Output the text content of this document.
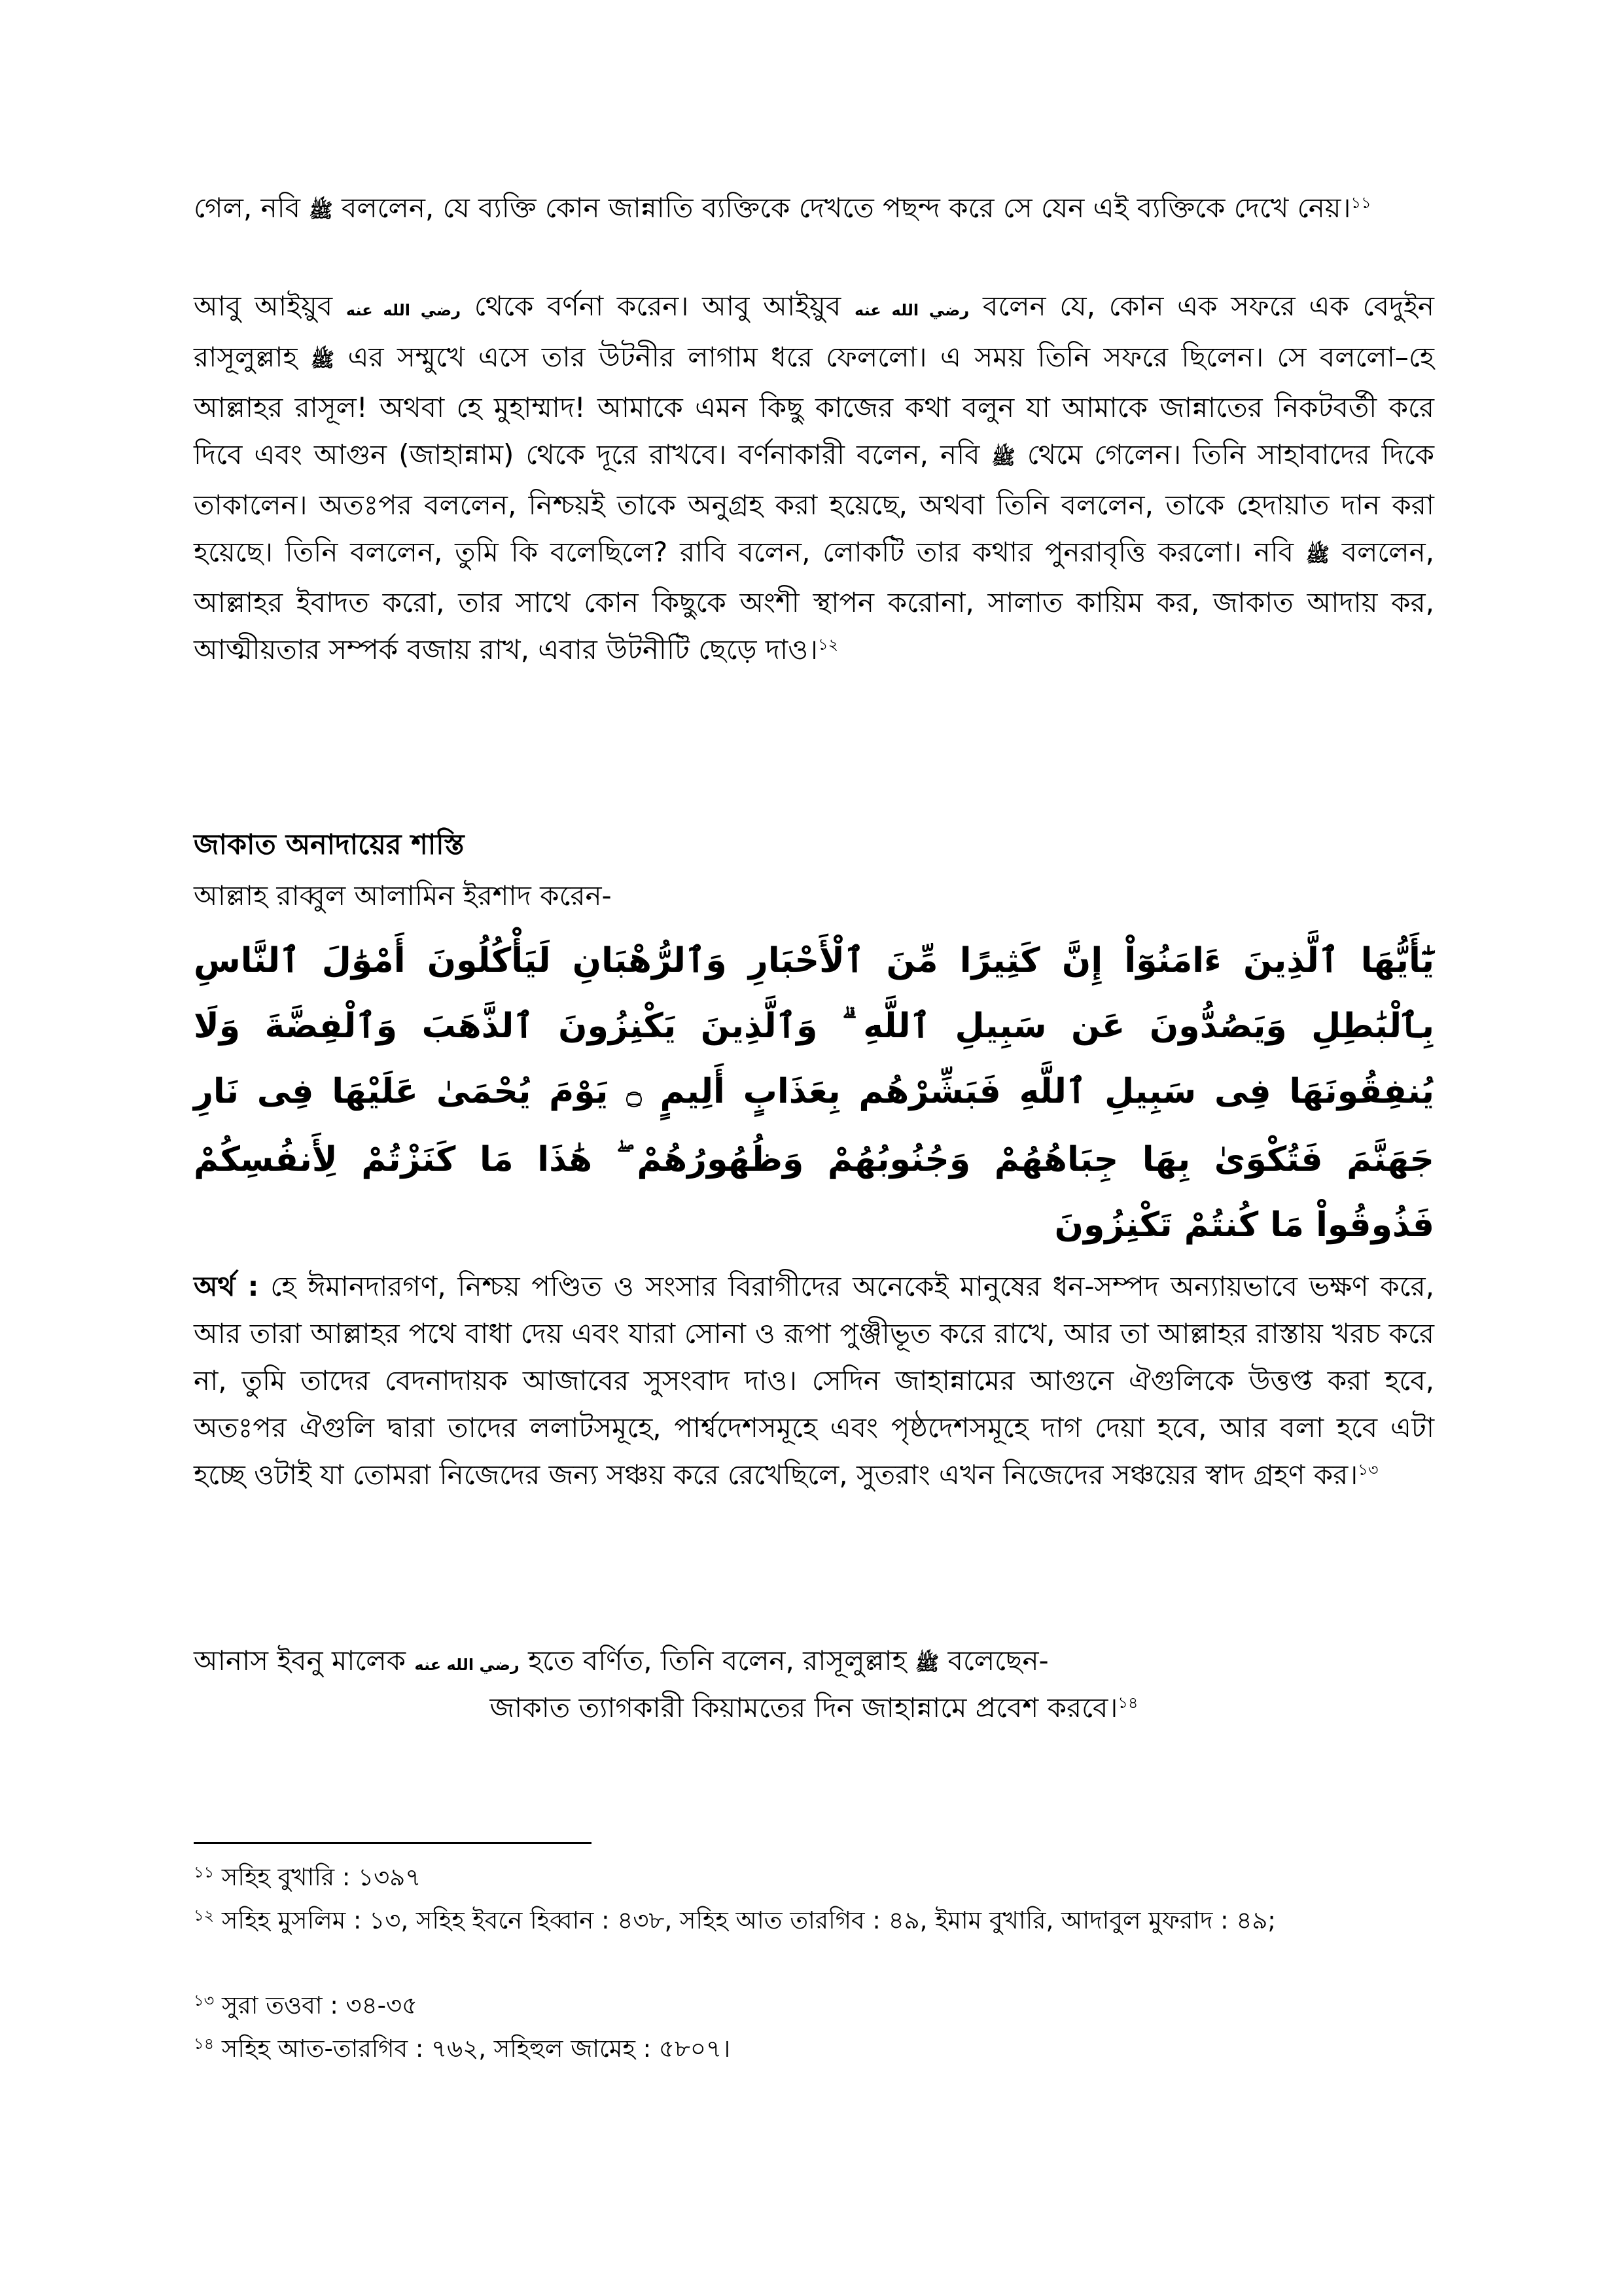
গেল, নবি ﷺ বললেন, যে ব্যক্তি কোন জান্নাতি ব্যক্তিকে দেখতে পছন্দ করে সে যেন এই ব্যক্তিকে দেখে নেয়।$^{১১}$

আবু আইয়ুব رضي الله عنه থেকে বর্ণনা করেন। আবু আইয়ুব رضي الله عنه বলেন যে, কোন এক সফরে এক বেদুইন রাসূলুল্লাহ ﷺ এর সম্মুখে এসে তার উটনীর লাগাম ধরে ফেললো। এ সময় তিনি সফরে ছিলেন। সে বললো–হে আল্লাহর রাসূল! অথবা হে মুহাম্মাদ! আমাকে এমন কিছু কাজের কথা বলুন যা আমাকে জান্নাতের নিকটবর্তী করে দিবে এবং আগুন (জাহান্নাম) থেকে দূরে রাখবে। বর্ণনাকারী বলেন, নবি ﷺ থেমে গেলেন। তিনি সাহাবাদের দিকে তাকালেন। অতঃপর বললেন, নিশ্চয়ই তাকে অনুগ্রহ করা হয়েছে, অথবা তিনি বললেন, তাকে হেদায়াত দান করা হয়েছে। তিনি বললেন, তুমি কি বলেছিলে? রাবি বলেন, লোকটি তার কথার পুনরাবৃত্তি করলো। নবি ﷺ বললেন, আল্লাহর ইবাদত করো, তার সাথে কোন কিছুকে অংশী স্থাপন করোনা, সালাত কায়িম কর, জাকাত আদায় কর, আত্মীয়তার সম্পর্ক বজায় রাখ, এবার উটনীটি ছেড়ে দাও।$^{১২}$

জাকাত অনাদায়ের শাস্তি
আল্লাহ রাব্বুল আলামিন ইরশাদ করেন-
يَٰٓأَيُّهَا ٱلَّذِينَ ءَامَنُوٓاْ إِنَّ كَثِيرًا مِّنَ ٱلْأَحْبَارِ وَٱلرُّهْبَانِ لَيَأْكُلُونَ أَمْوَٰلَ ٱلنَّاسِ بِٱلْبَٰطِلِ وَيَصُدُّونَ عَن سَبِيلِ ٱللَّهِ ۗ وَٱلَّذِينَ يَكْنِزُونَ ٱلذَّهَبَ وَٱلْفِضَّةَ وَلَا يُنفِقُونَهَا فِى سَبِيلِ ٱللَّهِ فَبَشِّرْهُم بِعَذَابٍ أَلِيمٍ ۝ يَوْمَ يُحْمَىٰ عَلَيْهَا فِى نَارِ جَهَنَّمَ فَتُكْوَىٰ بِهَا جِبَاهُهُمْ وَجُنُوبُهُمْ وَظُهُورُهُمْ ۖ هَٰذَا مَا كَنَزْتُمْ لِأَنفُسِكُمْ فَذُوقُواْ مَا كُنتُمْ تَكْنِزُونَ

অর্থ : হে ঈমানদারগণ, নিশ্চয় পণ্ডিত ও সংসার বিরাগীদের অনেকেই মানুষের ধন-সম্পদ অন্যায়ভাবে ভক্ষণ করে, আর তারা আল্লাহর পথে বাধা দেয় এবং যারা সোনা ও রূপা পুঞ্জীভূত করে রাখে, আর তা আল্লাহর রাস্তায় খরচ করে না, তুমি তাদের বেদনাদায়ক আজাবের সুসংবাদ দাও। সেদিন জাহান্নামের আগুনে ঐগুলিকে উত্তপ্ত করা হবে, অতঃপর ঐগুলি দ্বারা তাদের ললাটসমূহে, পার্শ্বদেশসমূহে এবং পৃষ্ঠদেশসমূহে দাগ দেয়া হবে, আর বলা হবে এটা হচ্ছে ওটাই যা তোমরা নিজেদের জন্য সঞ্চয় করে রেখেছিলে, সুতরাং এখন নিজেদের সঞ্চয়ের স্বাদ গ্রহণ কর।$^{১৩}$

আনাস ইবনু মালেক رضي الله عنه হতে বর্ণিত, তিনি বলেন, রাসূলুল্লাহ ﷺ বলেছেন-

জাকাত ত্যাগকারী কিয়ামতের দিন জাহান্নামে প্রবেশ করবে।$^{১৪}$
$^{১১}$ সহিহ বুখারি : ১৩৯৭
$^{১২}$ সহিহ মুসলিম : ১৩, সহিহ ইবনে হিব্বান : ৪৩৮, সহিহ আত তারগিব : ৪৯, ইমাম বুখারি, আদাবুল মুফরাদ : ৪৯;
$^{১৩}$ সুরা তওবা : ৩৪-৩৫
$^{১৪}$ সহিহ আত-তারগিব : ৭৬২, সহিহুল জামেহ : ৫৮০৭।
